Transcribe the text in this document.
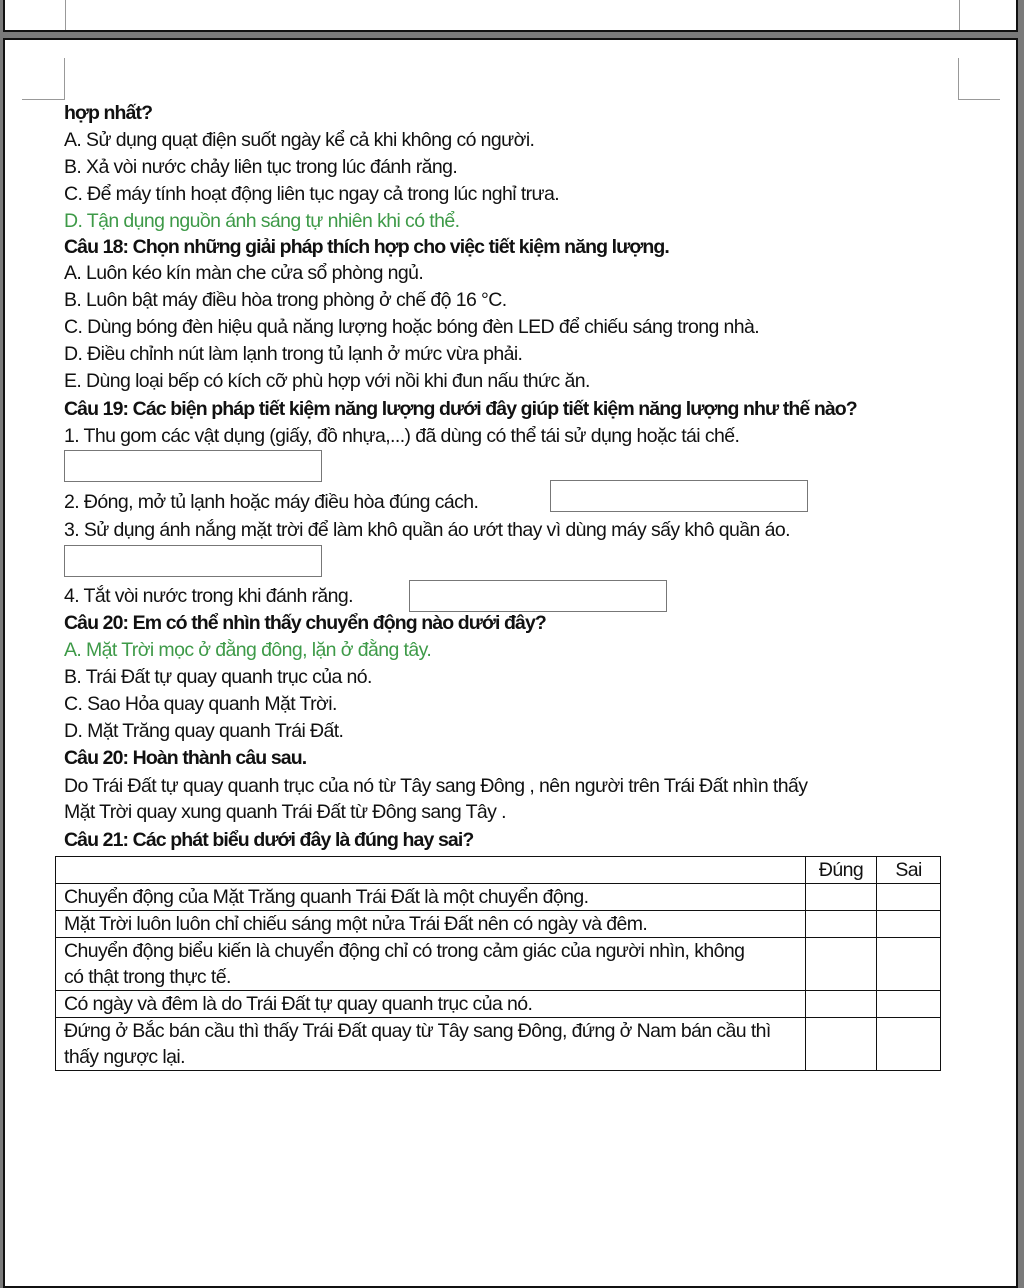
hợp nhất?
A. Sử dụng quạt điện suốt ngày kể cả khi không có người.
B. Xả vòi nước chảy liên tục trong lúc đánh răng.
C. Để máy tính hoạt động liên tục ngay cả trong lúc nghỉ trưa.
D. Tận dụng nguồn ánh sáng tự nhiên khi có thể.
Câu 18: Chọn những giải pháp thích hợp cho việc tiết kiệm năng lượng.
A. Luôn kéo kín màn che cửa sổ phòng ngủ.
B. Luôn bật máy điều hòa trong phòng ở chế độ 16 °C.
C. Dùng bóng đèn hiệu quả năng lượng hoặc bóng đèn LED để chiếu sáng trong nhà.
D. Điều chỉnh nút làm lạnh trong tủ lạnh ở mức vừa phải.
E. Dùng loại bếp có kích cỡ phù hợp với nồi khi đun nấu thức ăn.
Câu 19: Các biện pháp tiết kiệm năng lượng dưới đây giúp tiết kiệm năng lượng như thế nào?
1. Thu gom các vật dụng (giấy, đồ nhựa,...) đã dùng có thể tái sử dụng hoặc tái chế.
2. Đóng, mở tủ lạnh hoặc máy điều hòa đúng cách.
3. Sử dụng ánh nắng mặt trời để làm khô quần áo ướt thay vì dùng máy sấy khô quần áo.
4. Tắt vòi nước trong khi đánh răng.
Câu 20: Em có thể nhìn thấy chuyển động nào dưới đây?
A. Mặt Trời mọc ở đằng đông, lặn ở đằng tây.
B. Trái Đất tự quay quanh trục của nó.
C. Sao Hỏa quay quanh Mặt Trời.
D. Mặt Trăng quay quanh Trái Đất.
Câu 20: Hoàn thành câu sau.
Do Trái Đất tự quay quanh trục của nó từ Tây sang Đông , nên người trên Trái Đất nhìn thấy
Mặt Trời quay xung quanh Trái Đất từ Đông sang Tây .
Câu 21: Các phát biểu dưới đây là đúng hay sai?
	Đúng	Sai
Chuyển động của Mặt Trăng quanh Trái Đất là một chuyển động.		
Mặt Trời luôn luôn chỉ chiếu sáng một nửa Trái Đất nên có ngày và đêm.		
Chuyển động biểu kiến là chuyển động chỉ có trong cảm giác của người nhìn, không có thật trong thực tế.		
Có ngày và đêm là do Trái Đất tự quay quanh trục của nó.		
Đứng ở Bắc bán cầu thì thấy Trái Đất quay từ Tây sang Đông, đứng ở Nam bán cầu thì thấy ngược lại.		
